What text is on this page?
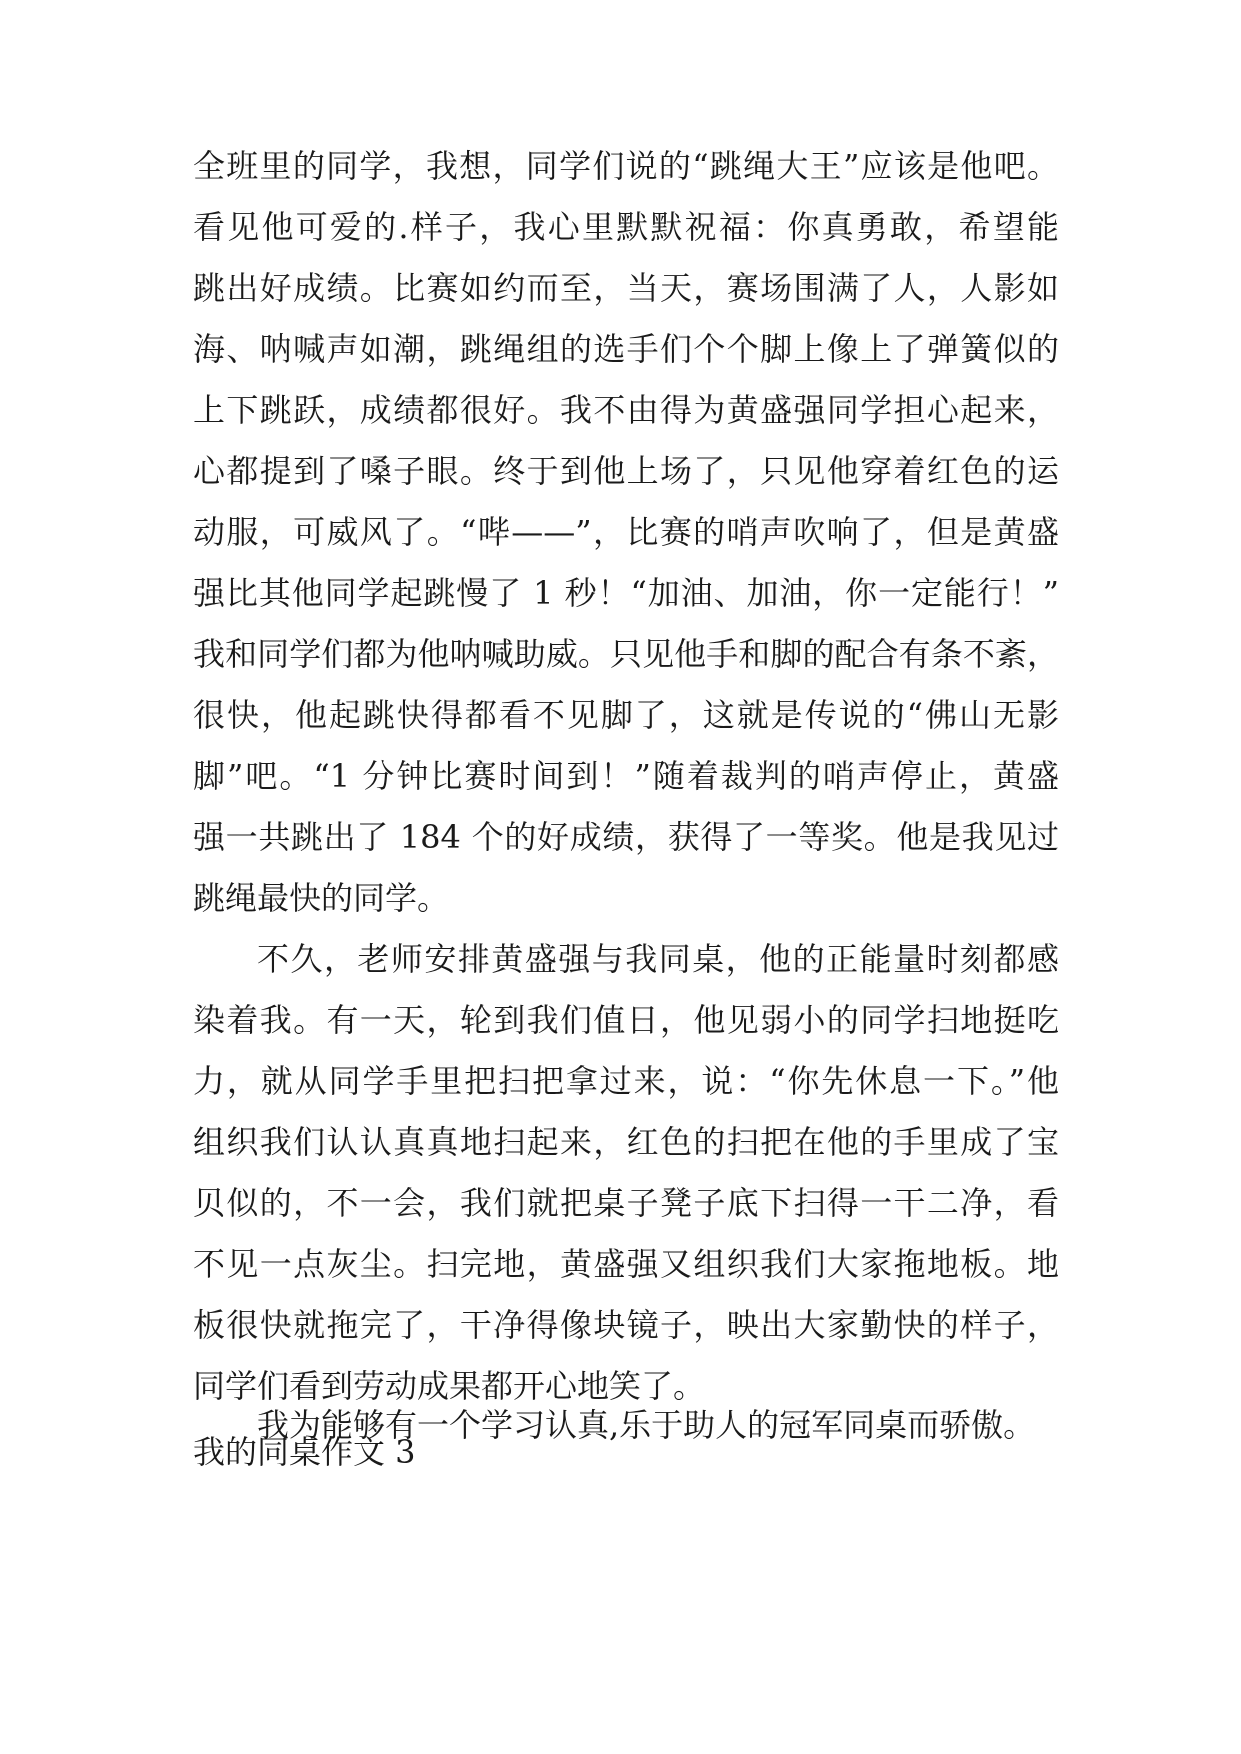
全班里的同学，我想，同学们说的“跳绳大王”应该是他吧。
看见他可爱的.样子，我心里默默祝福：你真勇敢，希望能
跳出好成绩。比赛如约而至，当天，赛场围满了人，人影如
海、呐喊声如潮，跳绳组的选手们个个脚上像上了弹簧似的
上下跳跃，成绩都很好。我不由得为黄盛强同学担心起来，
心都提到了嗓子眼。终于到他上场了，只见他穿着红色的运
动服，可威风了。“哔——”，比赛的哨声吹响了，但是黄盛
强比其他同学起跳慢了 1 秒！“加油、加油，你一定能行！”
我和同学们都为他呐喊助威。只见他手和脚的配合有条不紊，
很快，他起跳快得都看不见脚了，这就是传说的“佛山无影
脚”吧。“1 分钟比赛时间到！”随着裁判的哨声停止，黄盛
强一共跳出了 184 个的好成绩，获得了一等奖。他是我见过
跳绳最快的同学。
不久，老师安排黄盛强与我同桌，他的正能量时刻都感
染着我。有一天，轮到我们值日，他见弱小的同学扫地挺吃
力，就从同学手里把扫把拿过来，说：“你先休息一下。”他
组织我们认认真真地扫起来，红色的扫把在他的手里成了宝
贝似的，不一会，我们就把桌子凳子底下扫得一干二净，看
不见一点灰尘。扫完地，黄盛强又组织我们大家拖地板。地
板很快就拖完了，干净得像块镜子，映出大家勤快的样子，
同学们看到劳动成果都开心地笑了。
我为能够有一个学习认真,乐于助人的冠军同桌而骄傲。
我的同桌作文 3
